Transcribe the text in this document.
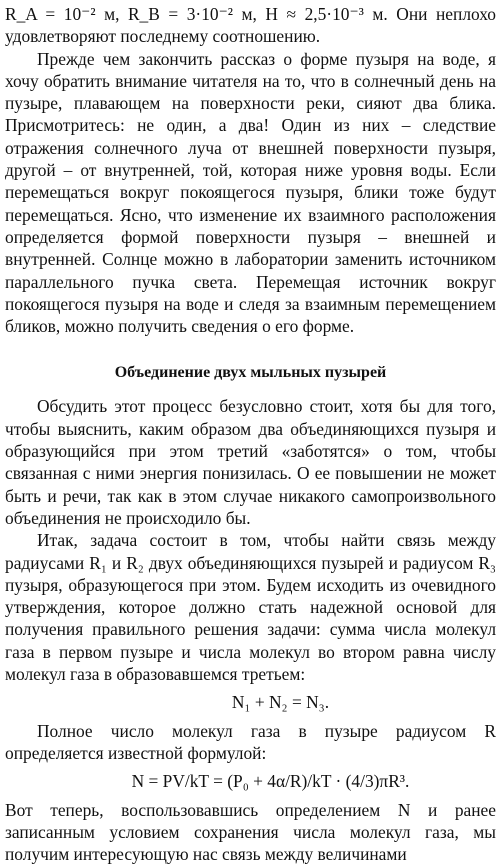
R_A = 10⁻² м, R_B = 3·10⁻² м, H ≈ 2,5·10⁻³ м. Они неплохо удовлетворяют последнему соотношению.

Прежде чем закончить рассказ о форме пузыря на воде, я хочу обратить внимание читателя на то, что в солнечный день на пузыре, плавающем на поверхности реки, сияют два блика. Присмотритесь: не один, а два! Один из них – следствие отражения солнечного луча от внешней поверхности пузыря, другой – от внутренней, той, которая ниже уровня воды. Если перемещаться вокруг покоящегося пузыря, блики тоже будут перемещаться. Ясно, что изменение их взаимного расположения определяется формой поверхности пузыря – внешней и внутренней. Солнце можно в лаборатории заменить источником параллельного пучка света. Перемещая источник вокруг покоящегося пузыря на воде и следя за взаимным перемещением бликов, можно получить сведения о его форме.

Объединение двух мыльных пузырей

Обсудить этот процесс безусловно стоит, хотя бы для того, чтобы выяснить, каким образом два объединяющихся пузыря и образующийся при этом третий «заботятся» о том, чтобы связанная с ними энергия понизилась. О ее повышении не может быть и речи, так как в этом случае никакого самопроизвольного объединения не происходило бы.

Итак, задача состоит в том, чтобы найти связь между радиусами R₁ и R₂ двух объединяющихся пузырей и радиусом R₃ пузыря, образующегося при этом. Будем исходить из очевидного утверждения, которое должно стать надежной основой для получения правильного решения задачи: сумма числа молекул газа в первом пузыре и числа молекул во втором равна числу молекул газа в образовавшемся третьем:

N₁ + N₂ = N₃.

Полное число молекул газа в пузыре радиусом R определяется известной формулой:

N = PV/kT = (P₀ + 4α/R)/kT · (4/3)πR³.

Вот теперь, воспользовавшись определением N и ранее записанным условием сохранения числа молекул газа, мы получим интересующую нас связь между величинами
